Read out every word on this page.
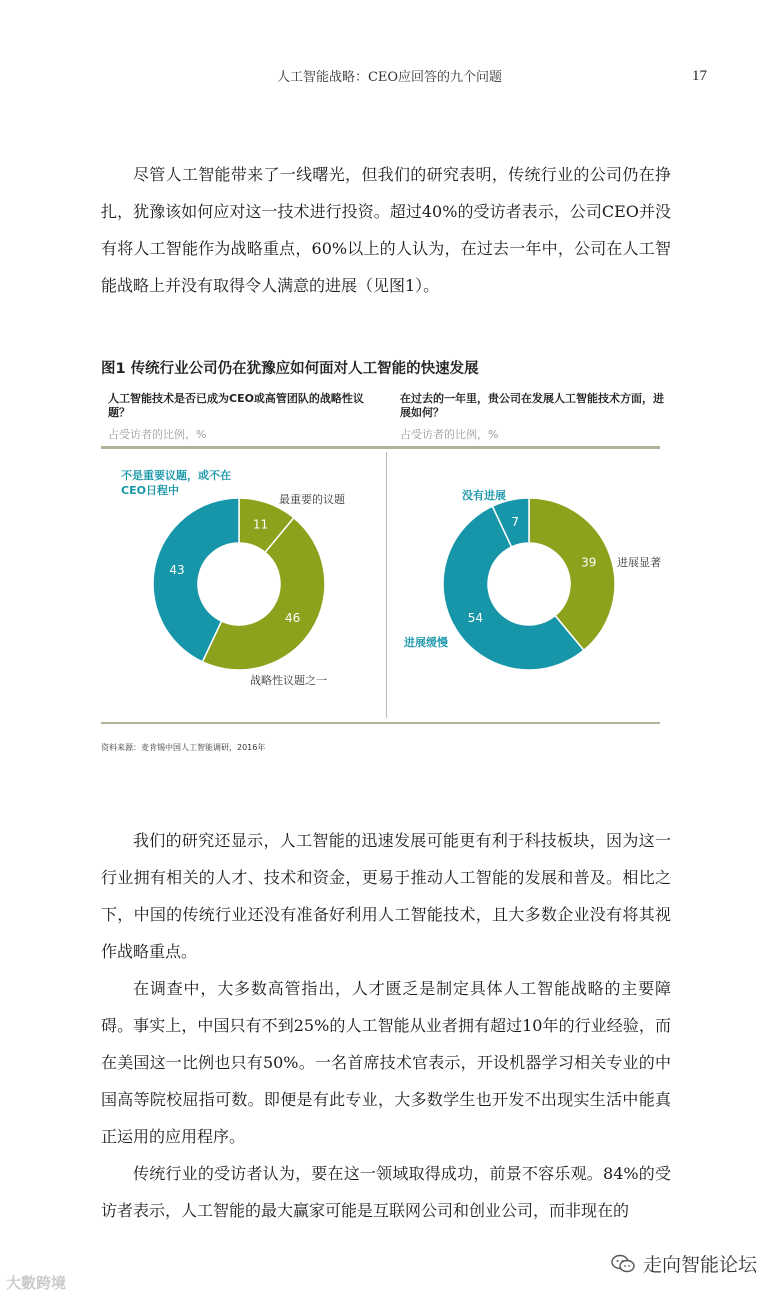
人工智能战略：CEO应回答的九个问题	17

尽管人工智能带来了一线曙光，但我们的研究表明，传统行业的公司仍在挣扎，犹豫该如何应对这一技术进行投资。超过40%的受访者表示，公司CEO并没有将人工智能作为战略重点，60%以上的人认为，在过去一年中，公司在人工智能战略上并没有取得令人满意的进展（见图1）。

图1 传统行业公司仍在犹豫应如何面对人工智能的快速发展
人工智能技术是否已成为CEO或高管团队的战略性议题？
占受访者的比例，%
在过去的一年里，贵公司在发展人工智能技术方面，进展如何？
占受访者的比例，%
11
46
43
39
54
7
最重要的议题
战略性议题之一
不是重要议题，或不在CEO日程中
进展显著
进展缓慢
没有进展
资料来源：麦肯锡中国人工智能调研，2016年

我们的研究还显示，人工智能的迅速发展可能更有利于科技板块，因为这一行业拥有相关的人才、技术和资金，更易于推动人工智能的发展和普及。相比之下，中国的传统行业还没有准备好利用人工智能技术，且大多数企业没有将其视作战略重点。

在调查中，大多数高管指出，人才匮乏是制定具体人工智能战略的主要障碍。事实上，中国只有不到25%的人工智能从业者拥有超过10年的行业经验，而在美国这一比例也只有50%。一名首席技术官表示，开设机器学习相关专业的中国高等院校屈指可数。即便是有此专业，大多数学生也开发不出现实生活中能真正运用的应用程序。

传统行业的受访者认为，要在这一领域取得成功，前景不容乐观。84%的受访者表示，人工智能的最大赢家可能是互联网公司和创业公司，而非现在的

大數跨境
走向智能论坛
